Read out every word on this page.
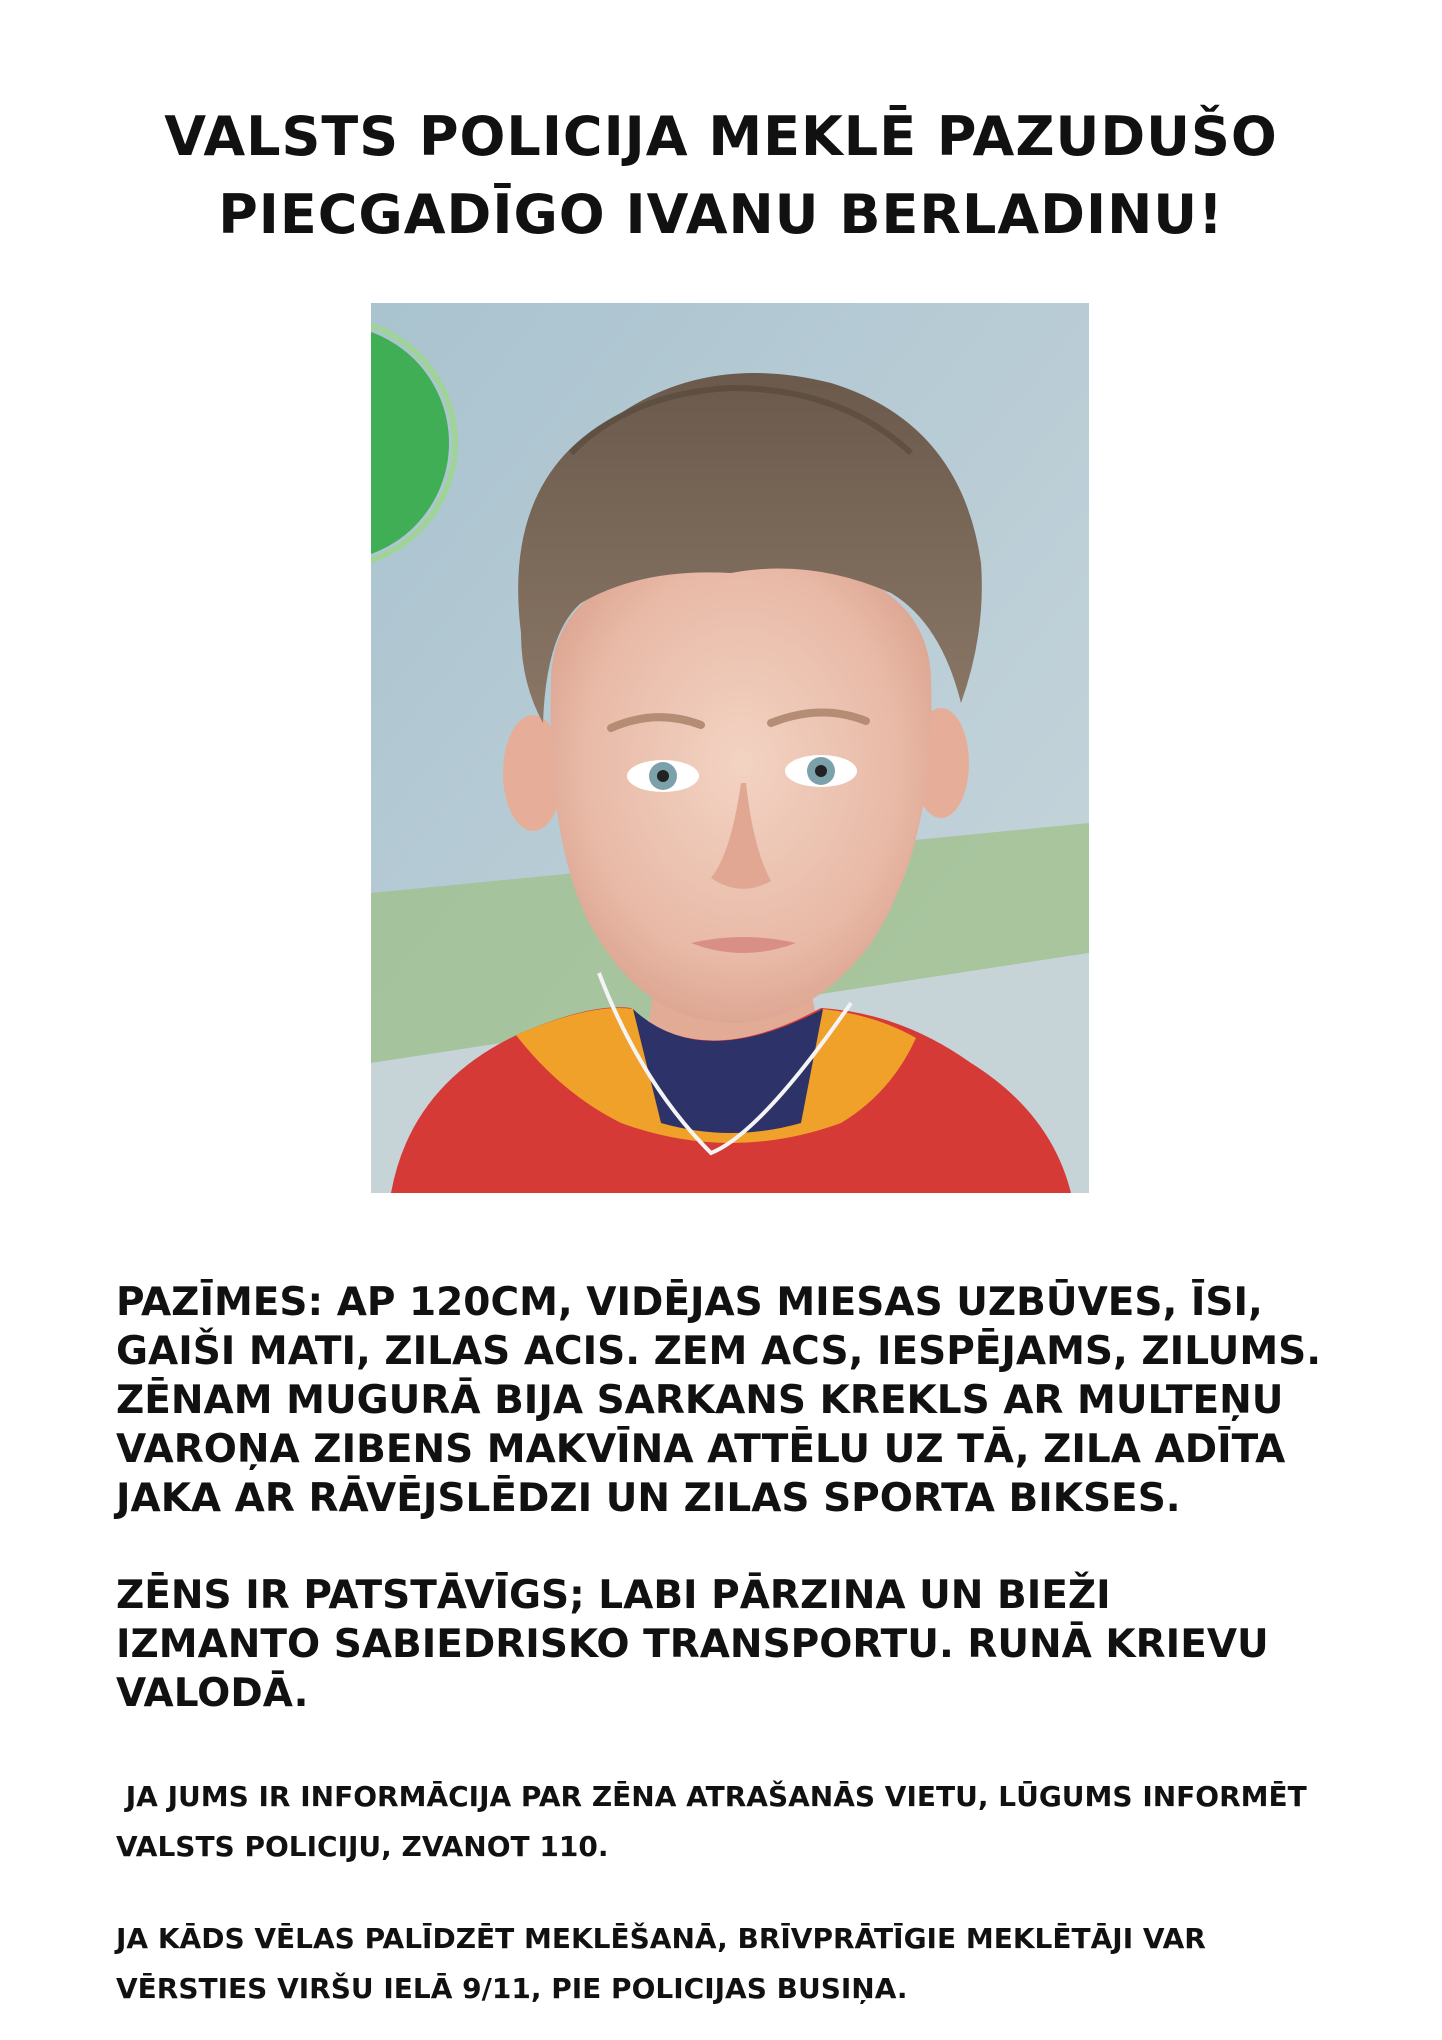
VALSTS POLICIJA MEKLĒ PAZUDUŠO
PIECGADĪGO IVANU BERLADINU!
PAZĪMES: AP 120CM, VIDĒJAS MIESAS UZBŪVES, ĪSI,
GAIŠI MATI, ZILAS ACIS. ZEM ACS, IESPĒJAMS, ZILUMS.
ZĒNAM MUGURĀ BIJA SARKANS KREKLS AR MULTEŅU
VAROŅA ZIBENS MAKVĪNA ATTĒLU UZ TĀ, ZILA ADĪTA
JAKA AR RĀVĒJSLĒDZI UN ZILAS SPORTA BIKSES.
ZĒNS IR PATSTĀVĪGS; LABI PĀRZINA UN BIEŽI
IZMANTO SABIEDRISKO TRANSPORTU. RUNĀ KRIEVU
VALODĀ.
JA JUMS IR INFORMĀCIJA PAR ZĒNA ATRAŠANĀS VIETU, LŪGUMS INFORMĒT
VALSTS POLICIJU, ZVANOT 110.
JA KĀDS VĒLAS PALĪDZĒT MEKLĒŠANĀ, BRĪVPRĀTĪGIE MEKLĒTĀJI VAR
VĒRSTIES VIRŠU IELĀ 9/11, PIE POLICIJAS BUSIŅA.
